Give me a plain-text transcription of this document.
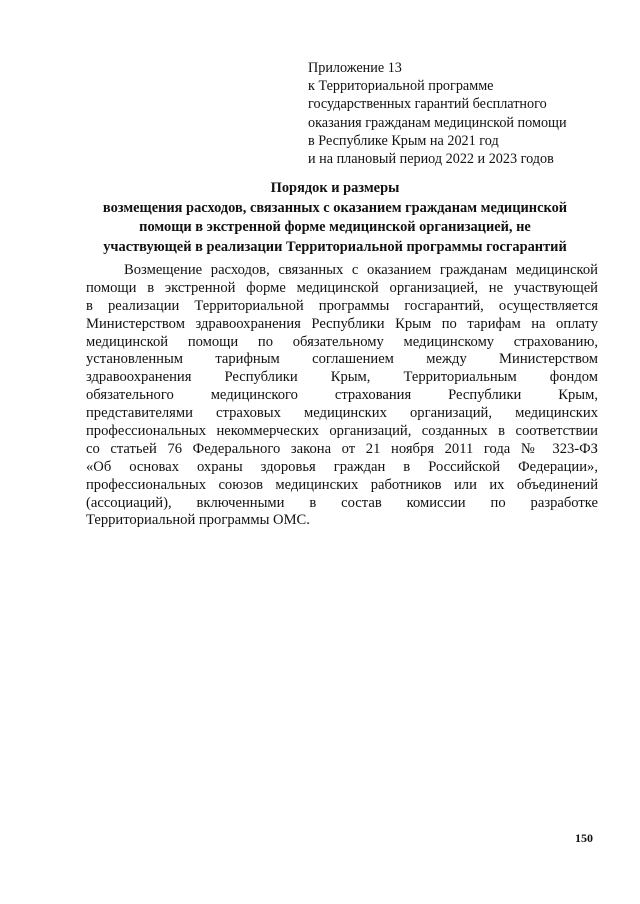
Приложение 13
к Территориальной программе
государственных гарантий бесплатного
оказания гражданам медицинской помощи
в Республике Крым на 2021 год
и на плановый период 2022 и 2023 годов
Порядок и размеры
возмещения расходов, связанных с оказанием гражданам медицинской
помощи в экстренной форме медицинской организацией, не
участвующей в реализации Территориальной программы госгарантий
Возмещение расходов, связанных с оказанием гражданам медицинской
помощи в экстренной форме медицинской организацией, не участвующей
в реализации Территориальной программы госгарантий, осуществляется
Министерством здравоохранения Республики Крым по тарифам на оплату
медицинской помощи по обязательному медицинскому страхованию,
установленным тарифным соглашением между Министерством
здравоохранения Республики Крым, Территориальным фондом
обязательного медицинского страхования Республики Крым,
представителями страховых медицинских организаций, медицинских
профессиональных некоммерческих организаций, созданных в соответствии
со статьей 76 Федерального закона от 21 ноября 2011 года № 323-ФЗ
«Об основах охраны здоровья граждан в Российской Федерации»,
профессиональных союзов медицинских работников или их объединений
(ассоциаций), включенными в состав комиссии по разработке
Территориальной программы ОМС.
150
